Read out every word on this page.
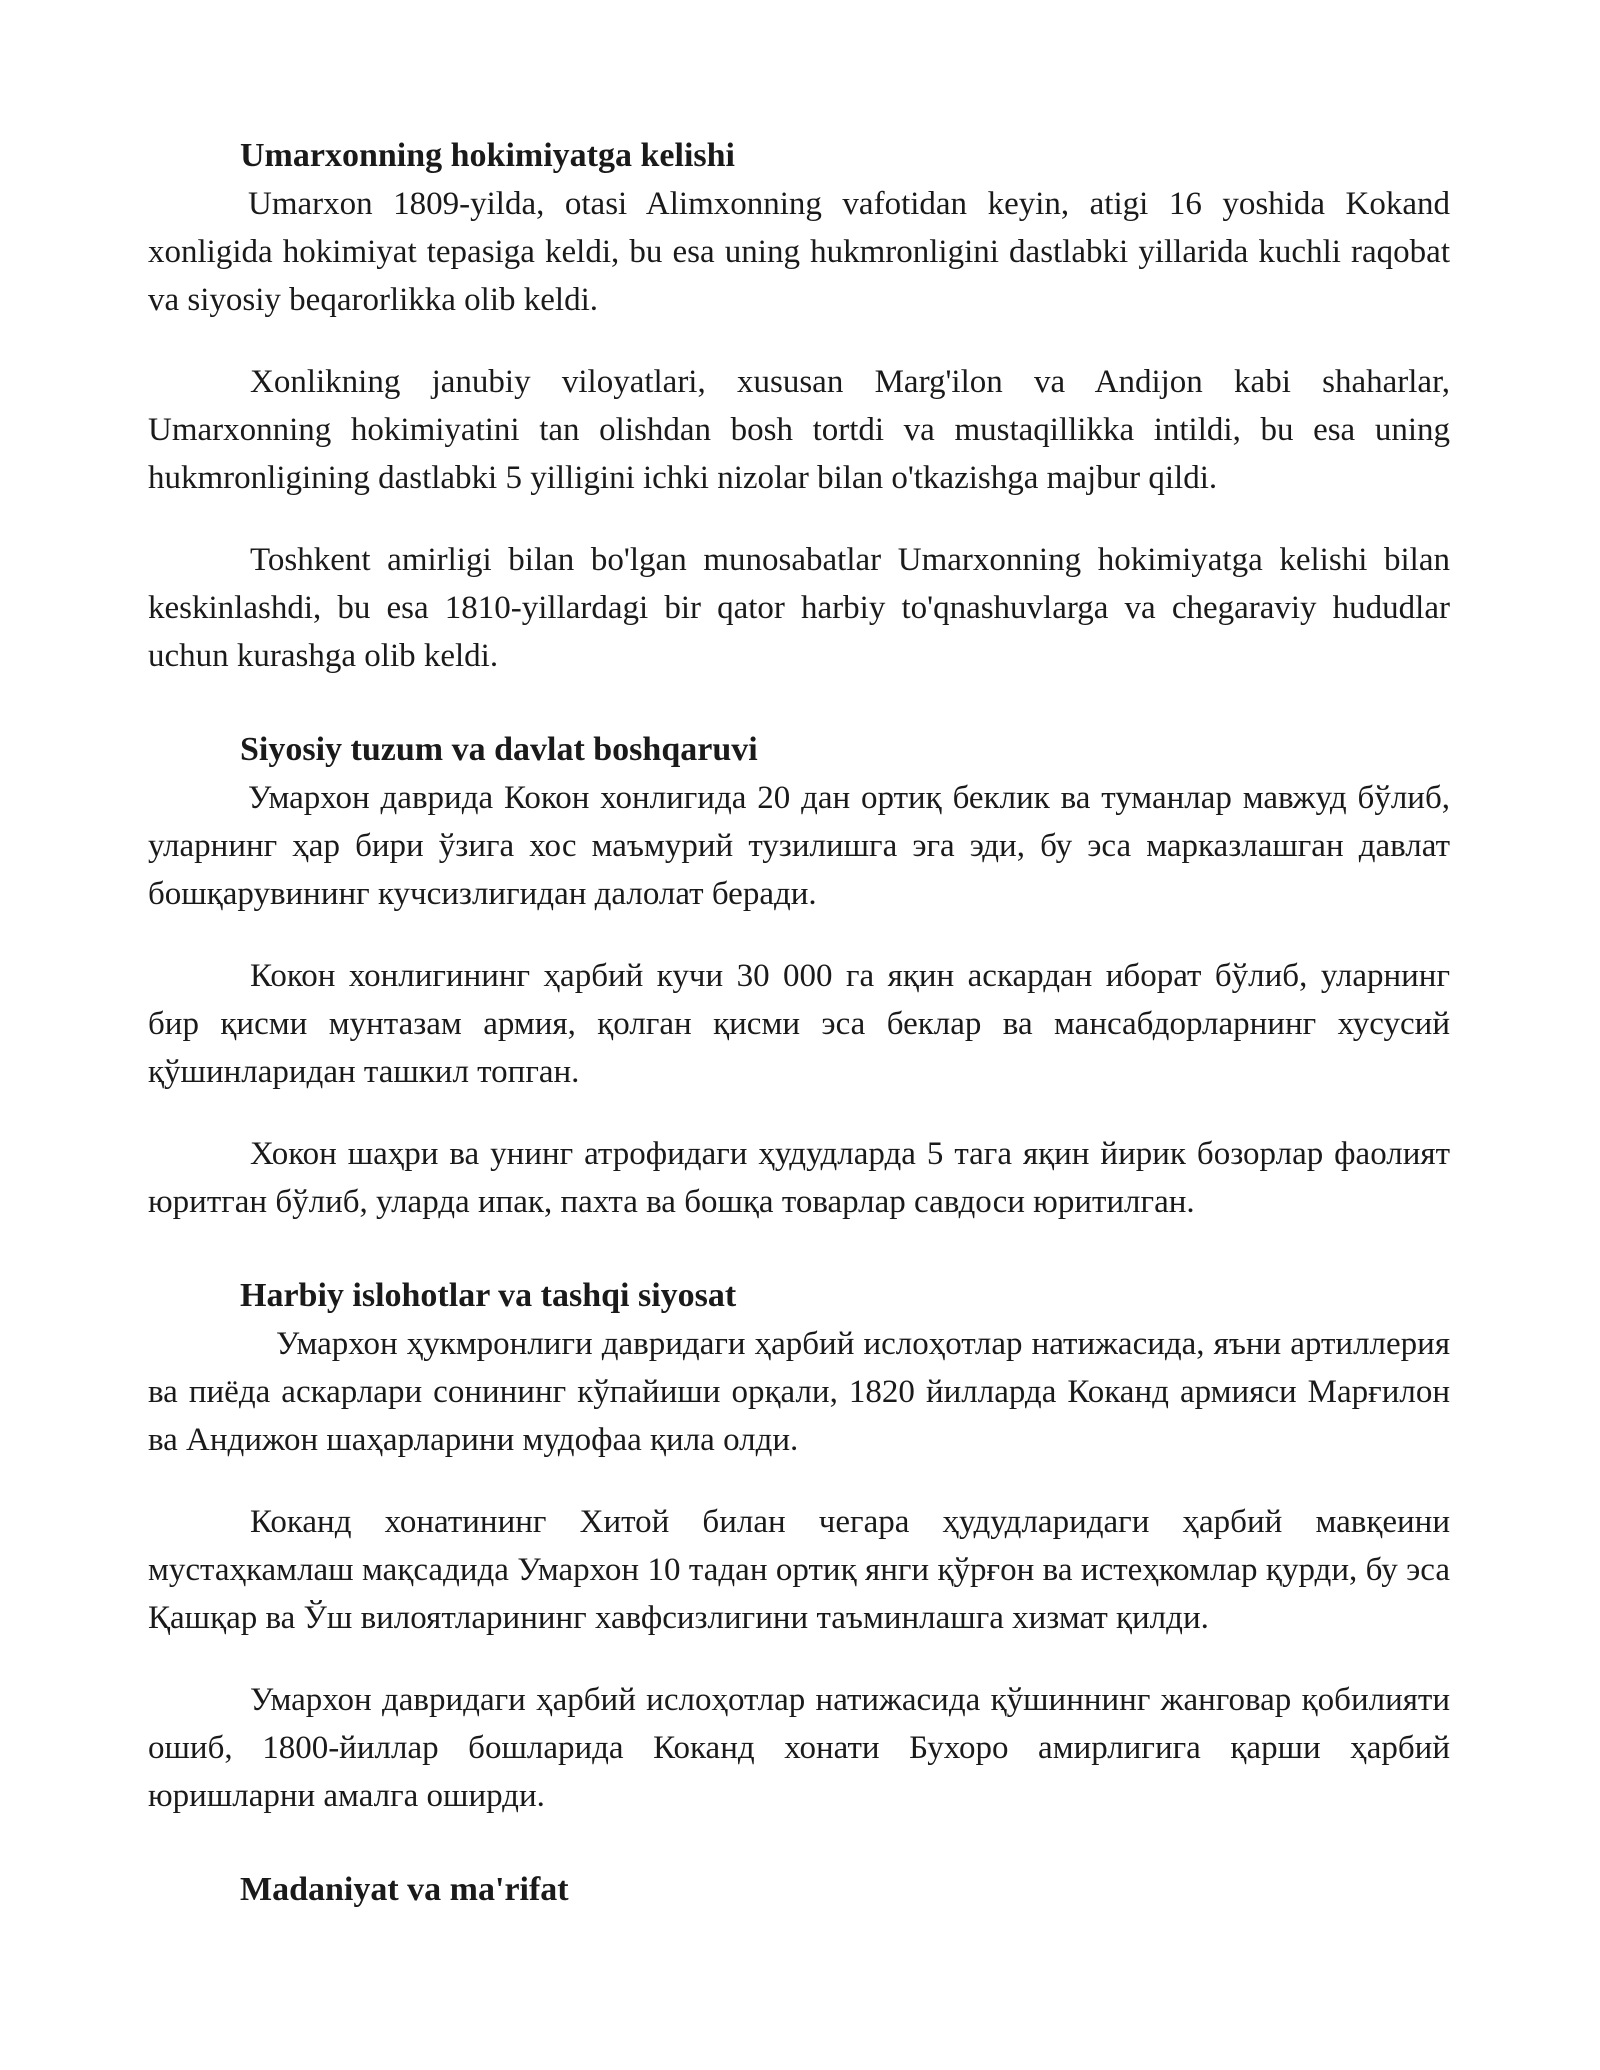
Umarxonning hokimiyatga kelishi

Umarxon 1809-yilda, otasi Alimxonning vafotidan keyin, atigi 16 yoshida Kokand xonligida hokimiyat tepasiga keldi, bu esa uning hukmronligini dastlabki yillarida kuchli raqobat va siyosiy beqarorlikka olib keldi.

Xonlikning janubiy viloyatlari, xususan Marg'ilon va Andijon kabi shaharlar, Umarxonning hokimiyatini tan olishdan bosh tortdi va mustaqillikka intildi, bu esa uning hukmronligining dastlabki 5 yilligini ichki nizolar bilan o'tkazishga majbur qildi.

Toshkent amirligi bilan bo'lgan munosabatlar Umarxonning hokimiyatga kelishi bilan keskinlashdi, bu esa 1810-yillardagi bir qator harbiy to'qnashuvlarga va chegaraviy hududlar uchun kurashga olib keldi.

Siyosiy tuzum va davlat boshqaruvi

Умархон даврида Кокон хонлигида 20 дан ортиқ беклик ва туманлар мавжуд бўлиб, уларнинг ҳар бири ўзига хос маъмурий тузилишга эга эди, бу эса марказлашган давлат бошқарувининг кучсизлигидан далолат беради.

Кокон хонлигининг ҳарбий кучи 30 000 га яқин аскардан иборат бўлиб, уларнинг бир қисми мунтазам армия, қолган қисми эса беклар ва мансабдорларнинг хусусий қўшинларидан ташкил топган.

Хокон шаҳри ва унинг атрофидаги ҳудудларда 5 тага яқин йирик бозорлар фаолият юритган бўлиб, уларда ипак, пахта ва бошқа товарлар савдоси юритилган.

Harbiy islohotlar va tashqi siyosat

Умархон ҳукмронлиги давридаги ҳарбий ислоҳотлар натижасида, яъни артиллерия ва пиёда аскарлари сонининг кўпайиши орқали, 1820 йилларда Коканд армияси Марғилон ва Андижон шаҳарларини мудофаа қила олди.

Коканд хонатининг Хитой билан чегара ҳудудларидаги ҳарбий мавқеини мустаҳкамлаш мақсадида Умархон 10 тадан ортиқ янги қўрғон ва истеҳкомлар қурди, бу эса Қашқар ва Ўш вилоятларининг хавфсизлигини таъминлашга хизмат қилди.

Умархон давридаги ҳарбий ислоҳотлар натижасида қўшиннинг жанговар қобилияти ошиб, 1800-йиллар бошларида Коканд хонати Бухоро амирлигига қарши ҳарбий юришларни амалга оширди.

Madaniyat va ma'rifat
